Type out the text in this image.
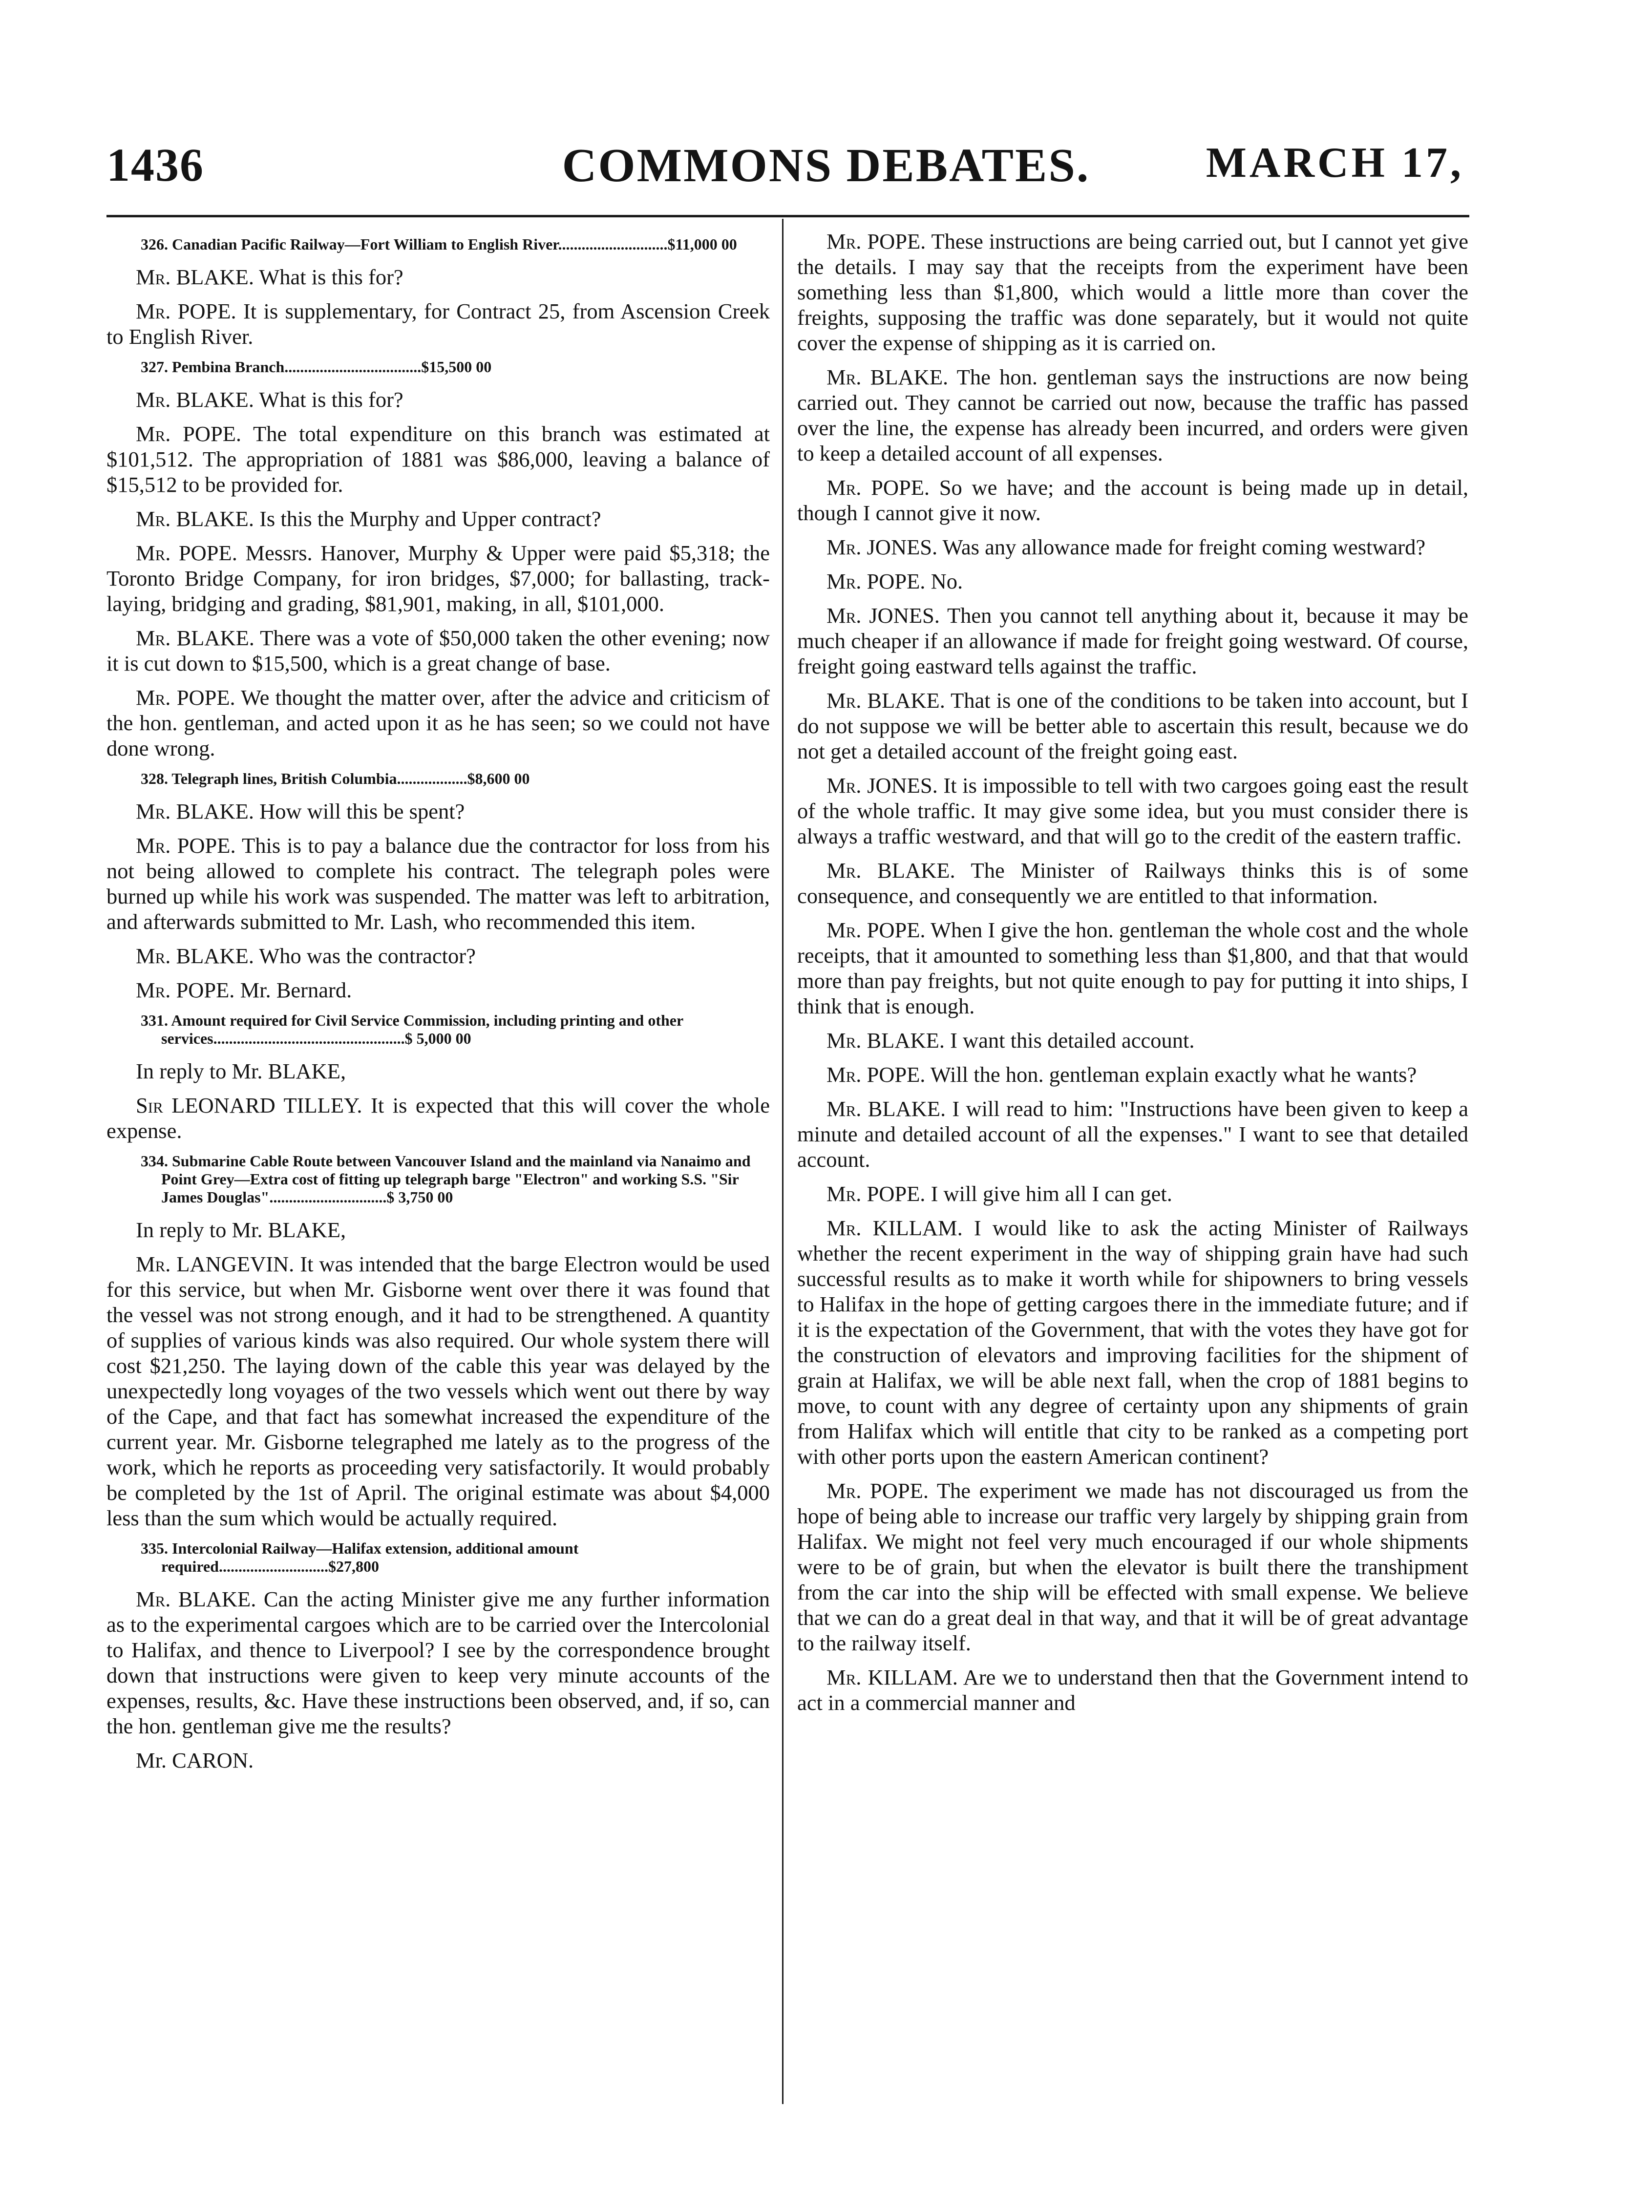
1436	COMMONS DEBATES.	MARCH 17,
326. Canadian Pacific Railway—Fort William to English River............................$11,000 00

Mr. BLAKE. What is this for?

Mr. POPE. It is supplementary, for Contract 25, from Ascension Creek to English River.

327. Pembina Branch...................................$15,500 00

Mr. BLAKE. What is this for?

Mr. POPE. The total expenditure on this branch was estimated at $101,512. The appropriation of 1881 was $86,000, leaving a balance of $15,512 to be provided for.

Mr. BLAKE. Is this the Murphy and Upper contract?

Mr. POPE. Messrs. Hanover, Murphy & Upper were paid $5,318; the Toronto Bridge Company, for iron bridges, $7,000; for ballasting, track-laying, bridging and grading, $81,901, making, in all, $101,000.

Mr. BLAKE. There was a vote of $50,000 taken the other evening; now it is cut down to $15,500, which is a great change of base.

Mr. POPE. We thought the matter over, after the advice and criticism of the hon. gentleman, and acted upon it as he has seen; so we could not have done wrong.

328. Telegraph lines, British Columbia..................$8,600 00

Mr. BLAKE. How will this be spent?

Mr. POPE. This is to pay a balance due the contractor for loss from his not being allowed to complete his contract. The telegraph poles were burned up while his work was suspended. The matter was left to arbitration, and afterwards submitted to Mr. Lash, who recommended this item.

Mr. BLAKE. Who was the contractor?

Mr. POPE. Mr. Bernard.

331. Amount required for Civil Service Commission, including printing and other services.................................................$ 5,000 00

In reply to Mr. BLAKE,

Sir LEONARD TILLEY. It is expected that this will cover the whole expense.

334. Submarine Cable Route between Vancouver Island and the mainland via Nanaimo and Point Grey—Extra cost of fitting up telegraph barge "Electron" and working S.S. "Sir James Douglas"..............................$ 3,750 00

In reply to Mr. BLAKE,

Mr. LANGEVIN. It was intended that the barge Electron would be used for this service, but when Mr. Gisborne went over there it was found that the vessel was not strong enough, and it had to be strengthened. A quantity of supplies of various kinds was also required. Our whole system there will cost $21,250. The laying down of the cable this year was delayed by the unexpectedly long voyages of the two vessels which went out there by way of the Cape, and that fact has somewhat increased the expenditure of the current year. Mr. Gisborne telegraphed me lately as to the progress of the work, which he reports as proceeding very satisfactorily. It would probably be completed by the 1st of April. The original estimate was about $4,000 less than the sum which would be actually required.

335. Intercolonial Railway—Halifax extension, additional amount required............................$27,800

Mr. BLAKE. Can the acting Minister give me any further information as to the experimental cargoes which are to be carried over the Intercolonial to Halifax, and thence to Liverpool? I see by the correspondence brought down that instructions were given to keep very minute accounts of the expenses, results, &c. Have these instructions been observed, and, if so, can the hon. gentleman give me the results?

Mr. CARON.

Mr. POPE. These instructions are being carried out, but I cannot yet give the details. I may say that the receipts from the experiment have been something less than $1,800, which would a little more than cover the freights, supposing the traffic was done separately, but it would not quite cover the expense of shipping as it is carried on.

Mr. BLAKE. The hon. gentleman says the instructions are now being carried out. They cannot be carried out now, because the traffic has passed over the line, the expense has already been incurred, and orders were given to keep a detailed account of all expenses.

Mr. POPE. So we have; and the account is being made up in detail, though I cannot give it now.

Mr. JONES. Was any allowance made for freight coming westward?

Mr. POPE. No.

Mr. JONES. Then you cannot tell anything about it, because it may be much cheaper if an allowance if made for freight going westward. Of course, freight going eastward tells against the traffic.

Mr. BLAKE. That is one of the conditions to be taken into account, but I do not suppose we will be better able to ascertain this result, because we do not get a detailed account of the freight going east.

Mr. JONES. It is impossible to tell with two cargoes going east the result of the whole traffic. It may give some idea, but you must consider there is always a traffic westward, and that will go to the credit of the eastern traffic.

Mr. BLAKE. The Minister of Railways thinks this is of some consequence, and consequently we are entitled to that information.

Mr. POPE. When I give the hon. gentleman the whole cost and the whole receipts, that it amounted to something less than $1,800, and that that would more than pay freights, but not quite enough to pay for putting it into ships, I think that is enough.

Mr. BLAKE. I want this detailed account.

Mr. POPE. Will the hon. gentleman explain exactly what he wants?

Mr. BLAKE. I will read to him: "Instructions have been given to keep a minute and detailed account of all the expenses." I want to see that detailed account.

Mr. POPE. I will give him all I can get.

Mr. KILLAM. I would like to ask the acting Minister of Railways whether the recent experiment in the way of shipping grain have had such successful results as to make it worth while for shipowners to bring vessels to Halifax in the hope of getting cargoes there in the immediate future; and if it is the expectation of the Government, that with the votes they have got for the construction of elevators and improving facilities for the shipment of grain at Halifax, we will be able next fall, when the crop of 1881 begins to move, to count with any degree of certainty upon any shipments of grain from Halifax which will entitle that city to be ranked as a competing port with other ports upon the eastern American continent?

Mr. POPE. The experiment we made has not discouraged us from the hope of being able to increase our traffic very largely by shipping grain from Halifax. We might not feel very much encouraged if our whole shipments were to be of grain, but when the elevator is built there the transhipment from the car into the ship will be effected with small expense. We believe that we can do a great deal in that way, and that it will be of great advantage to the railway itself.

Mr. KILLAM. Are we to understand then that the Government intend to act in a commercial manner and
